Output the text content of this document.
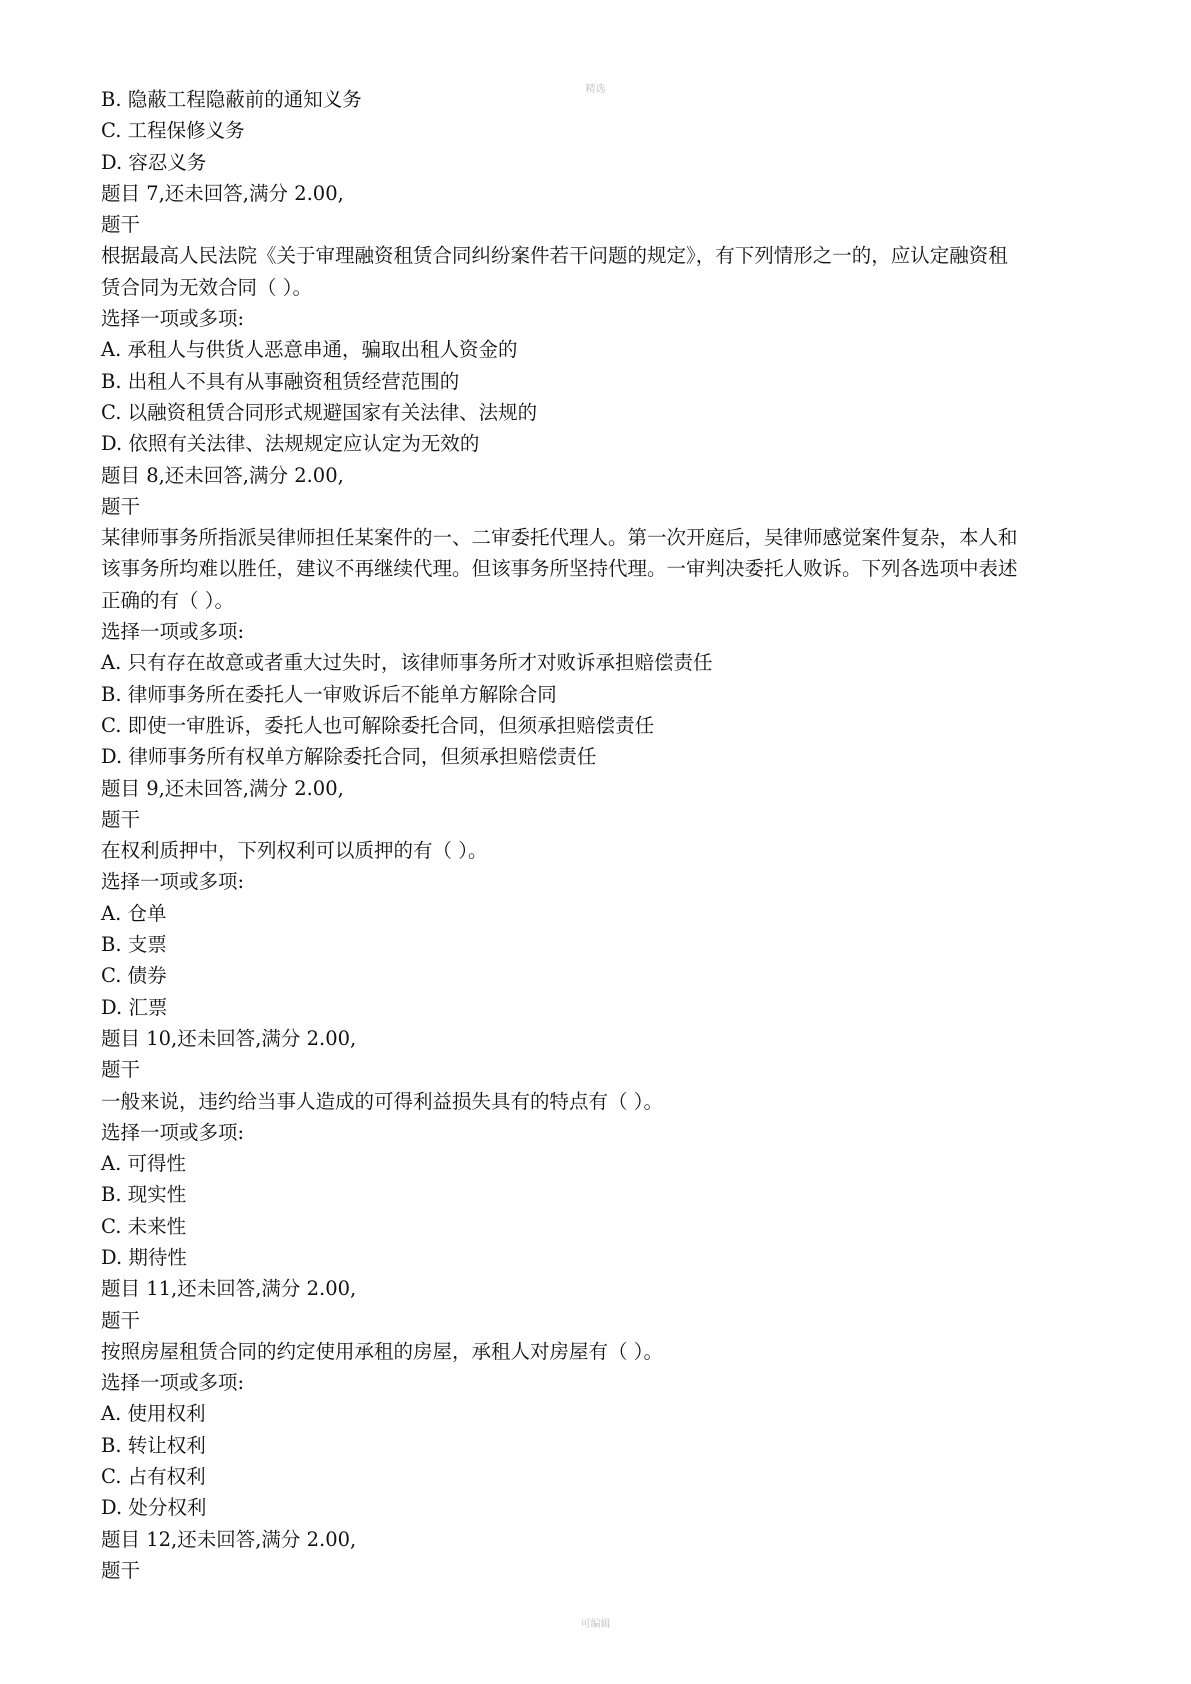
精选
B. 隐蔽工程隐蔽前的通知义务
C. 工程保修义务
D. 容忍义务
题目 7,还未回答,满分 2.00,
题干
根据最高人民法院《关于审理融资租赁合同纠纷案件若干问题的规定》，有下列情形之一的，应认定融资租
赁合同为无效合同（ ）。
选择一项或多项:
A. 承租人与供货人恶意串通，骗取出租人资金的
B. 出租人不具有从事融资租赁经营范围的
C. 以融资租赁合同形式规避国家有关法律、法规的
D. 依照有关法律、法规规定应认定为无效的
题目 8,还未回答,满分 2.00,
题干
某律师事务所指派吴律师担任某案件的一、二审委托代理人。第一次开庭后，吴律师感觉案件复杂，本人和
该事务所均难以胜任，建议不再继续代理。但该事务所坚持代理。一审判决委托人败诉。下列各选项中表述
正确的有（ ）。
选择一项或多项:
A. 只有存在故意或者重大过失时，该律师事务所才对败诉承担赔偿责任
B. 律师事务所在委托人一审败诉后不能单方解除合同
C. 即使一审胜诉，委托人也可解除委托合同，但须承担赔偿责任
D. 律师事务所有权单方解除委托合同，但须承担赔偿责任
题目 9,还未回答,满分 2.00,
题干
在权利质押中，下列权利可以质押的有（ ）。
选择一项或多项:
A. 仓单
B. 支票
C. 债券
D. 汇票
题目 10,还未回答,满分 2.00,
题干
一般来说，违约给当事人造成的可得利益损失具有的特点有（ ）。
选择一项或多项:
A. 可得性
B. 现实性
C. 未来性
D. 期待性
题目 11,还未回答,满分 2.00,
题干
按照房屋租赁合同的约定使用承租的房屋，承租人对房屋有（ ）。
选择一项或多项:
A. 使用权利
B. 转让权利
C. 占有权利
D. 处分权利
题目 12,还未回答,满分 2.00,
题干
可编辑
